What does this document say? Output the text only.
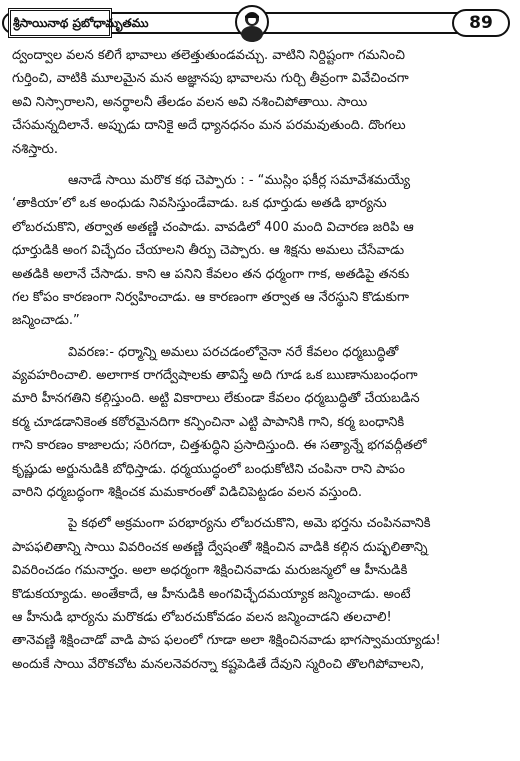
శ్రీసాయినాథ ప్రబోధామృతము	89
ద్వంద్వాల వలన కలిగే భావాలు తలెత్తుతుండవచ్చు. వాటిని నిర్దిష్టంగా గమనించి
గుర్తించి, వాటికి మూలమైన మన అజ్ఞానపు భావాలను గుర్చి తీవ్రంగా వివేచించగా
అవి నిస్సారాలని, అనర్థాలనీ తేలడం వలన అవి నశించిపోతాయి. సాయి
చేసమన్నదిలానే. అప్పుడు దానికై అదే ధ్యానధనం మన పరమవుతుంది. దొంగలు
నశిస్తారు.
ఆనాడే సాయి మరొక కథ చెప్పారు : - “ముస్లిం ఫకీర్ల సమావేశమయ్యే
‘తాకియా’లో ఒక అంధుడు నివసిస్తుండేవాడు. ఒక ధూర్తుడు అతడి భార్యను
లోబరచుకొని, తర్వాత అతణ్ణి చంపాడు. వావడిలో 400 మంది విచారణ జరిపి ఆ
ధూర్తుడికి అంగ విచ్ఛేదం చేయాలని తీర్పు చెప్పారు. ఆ శిక్షను అమలు చేసేవాడు
అతడికి అలానే చేసాడు. కాని ఆ పనిని కేవలం తన ధర్మంగా గాక, అతడిపై తనకు
గల కోపం కారణంగా నిర్వహించాడు. ఆ కారణంగా తర్వాత ఆ నేరస్థుని కొడుకుగా
జన్మించాడు.”
వివరణ:- ధర్మాన్ని అమలు పరచడంలోనైనా నరే కేవలం ధర్మబుద్ధితో
వ్యవహరించాలి. అలాగాక రాగద్వేషాలకు తావిస్తే అది గూడ ఒక ఋణానుబంధంగా
మారి హీనగతిని కల్గిస్తుంది. అట్టి వికారాలు లేకుండా కేవలం ధర్మబుద్ధితో చేయబడిన
కర్మ చూడడానికెంత కఠోరమైనదిగా కన్పించినా ఎట్టి పాపానికి గాని, కర్మ బంధానికి
గాని కారణం కాజాలదు; సరిగదా, చిత్తశుద్ధిని ప్రసాదిస్తుంది. ఈ సత్యాన్నే భగవద్గీతలో
కృష్ణుడు అర్జునుడికి బోధిస్తాడు. ధర్మయుద్ధంలో బంధుకోటిని చంపినా రాని పాపం
వారిని ధర్మబద్ధంగా శిక్షించక మమకారంతో విడిచిపెట్టడం వలన వస్తుంది.
పై కథలో అక్రమంగా పరభార్యను లోబరచుకొని, అమె భర్తను చంపినవానికి
పాపఫలితాన్ని సాయి వివరించక అతణ్ణి ద్వేషంతో శిక్షించిన వాడికి కల్గిన దుష్ఫలితాన్ని
వివరించడం గమనార్హం. అలా అధర్మంగా శిక్షించినవాడు మరుజన్మలో ఆ హీనుడికి
కొడుకయ్యాడు. అంతేకాదే, ఆ హీనుడికి అంగవిచ్ఛేదమయ్యాక జన్మించాడు. అంటే
ఆ హీనుడి భార్యను మరొకడు లోబరచుకోవడం వలన జన్మించాడని తలచాలి!
తానెవణ్ణి శిక్షించాడో వాడి పాప ఫలంలో గూడా అలా శిక్షించినవాడు భాగస్వామయ్యాడు!
అందుకే సాయి వేరొకచోట మనలనెవరన్నా కష్టపెడితే దేవుని స్మరించి తొలగిపోవాలని,
